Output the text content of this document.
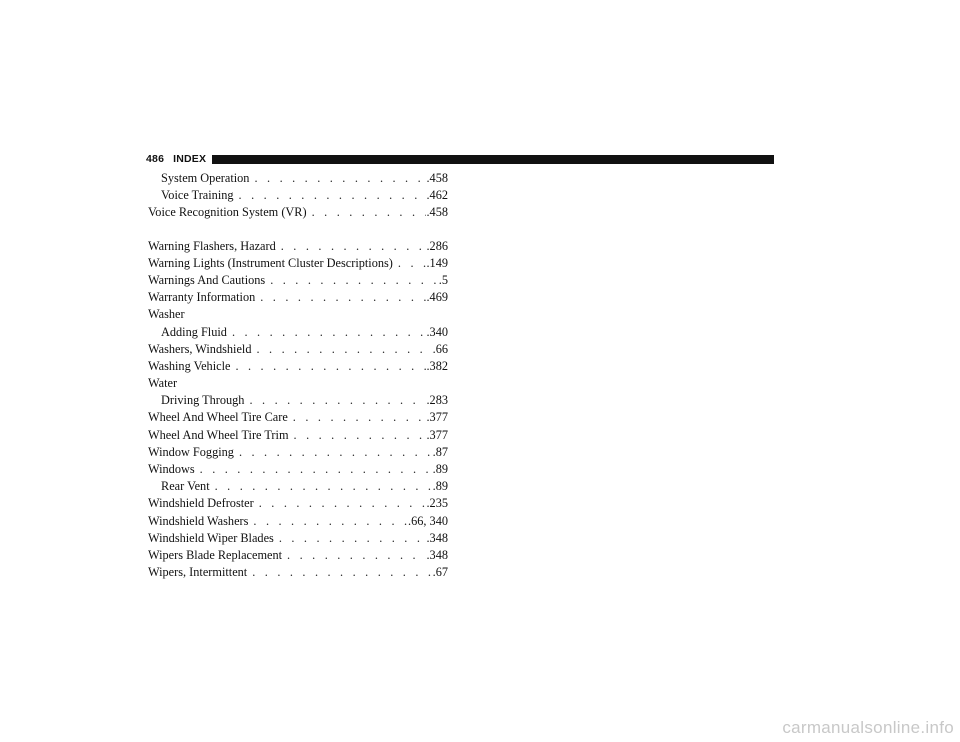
486 INDEX
System Operation . . .	.458
Voice Training . . .	.462
Voice Recognition System (VR) . . .	.458
Warning Flashers, Hazard . . .	.286
Warning Lights (Instrument Cluster Descriptions) . . .	.149
Warnings And Cautions . . .	.5
Warranty Information . . .	.469
Washer
Adding Fluid . . .	.340
Washers, Windshield . . .	.66
Washing Vehicle . . .	.382
Water
Driving Through . . .	.283
Wheel And Wheel Tire Care . . .	.377
Wheel And Wheel Tire Trim . . .	.377
Window Fogging . . .	.87
Windows . . .	.89
Rear Vent . . .	.89
Windshield Defroster . . .	.235
Windshield Washers . . .	.66, 340
Windshield Wiper Blades . . .	.348
Wipers Blade Replacement . . .	.348
Wipers, Intermittent . . .	.67
carmanualsonline.info
